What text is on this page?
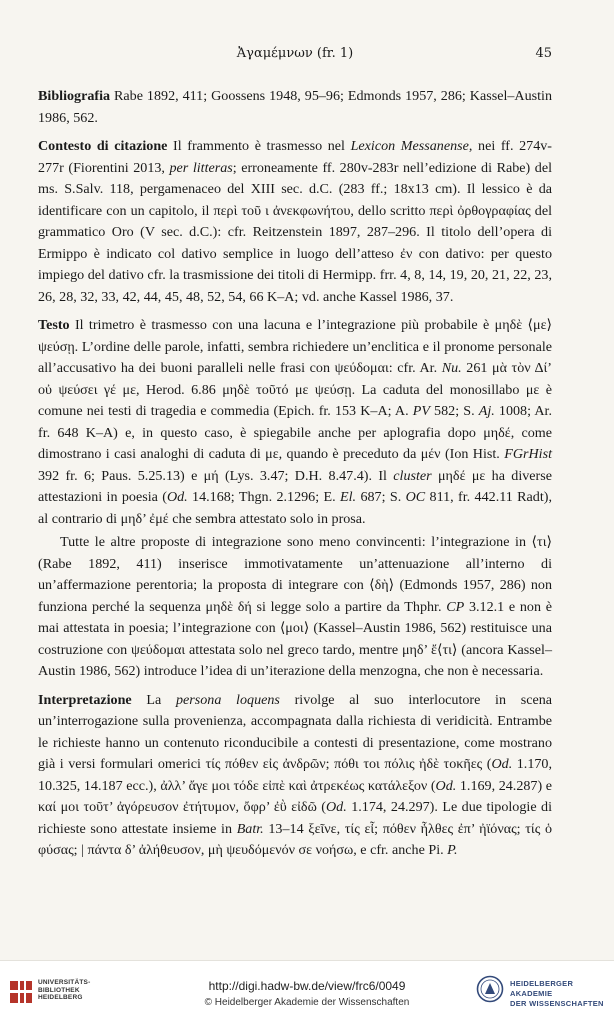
Ἀγαμέμνων (fr. 1)	45

Bibliografia Rabe 1892, 411; Goossens 1948, 95–96; Edmonds 1957, 286; Kassel–Austin 1986, 562.

Contesto di citazione Il frammento è trasmesso nel Lexicon Messanense, nei ff. 274v-277r (Fiorentini 2013, per litteras; erroneamente ff. 280v-283r nell’edizione di Rabe) del ms. S.Salv. 118, pergamenaceo del XIII sec. d.C. (283 ff.; 18x13 cm). Il lessico è da identificare con un capitolo, il περὶ τοῦ ι ἀνεκφωνήτου, dello scritto περὶ ὀρθογραφίας del grammatico Oro (V sec. d.C.): cfr. Reitzenstein 1897, 287–296. Il titolo dell’opera di Ermippo è indicato col dativo semplice in luogo dell’atteso ἐν con dativo: per questo impiego del dativo cfr. la trasmissione dei titoli di Hermipp. frr. 4, 8, 14, 19, 20, 21, 22, 23, 26, 28, 32, 33, 42, 44, 45, 48, 52, 54, 66 K–A; vd. anche Kassel 1986, 37.

Testo Il trimetro è trasmesso con una lacuna e l’integrazione più probabile è μηδὲ ⟨με⟩ ψεύσῃ. L’ordine delle parole, infatti, sembra richiedere un’enclitica e il pronome personale all’accusativo ha dei buoni paralleli nelle frasi con ψεύδομαι: cfr. Ar. Nu. 261 μὰ τὸν Δί’ οὐ ψεύσει γέ με, Herod. 6.86 μηδὲ τοῦτό με ψεύσῃ. La caduta del monosillabo με è comune nei testi di tragedia e commedia (Epich. fr. 153 K–A; A. PV 582; S. Aj. 1008; Ar. fr. 648 K–A) e, in questo caso, è spiegabile anche per aplografia dopo μηδέ, come dimostrano i casi analoghi di caduta di με, quando è preceduto da μέν (Ion Hist. FGrHist 392 fr. 6; Paus. 5.25.13) e μή (Lys. 3.47; D.H. 8.47.4). Il cluster μηδέ με ha diverse attestazioni in poesia (Od. 14.168; Thgn. 2.1296; E. El. 687; S. OC 811, fr. 442.11 Radt), al contrario di μηδ’ ἐμέ che sembra attestato solo in prosa.

Tutte le altre proposte di integrazione sono meno convincenti: l’integrazione in ⟨τι⟩ (Rabe 1892, 411) inserisce immotivatamente un’attenuazione all’interno di un’affermazione perentoria; la proposta di integrare con ⟨δὴ⟩ (Edmonds 1957, 286) non funziona perché la sequenza μηδὲ δή si legge solo a partire da Thphr. CP 3.12.1 e non è mai attestata in poesia; l’integrazione con ⟨μοι⟩ (Kassel–Austin 1986, 562) restituisce una costruzione con ψεύδομαι attestata solo nel greco tardo, mentre μηδ’ ἔ⟨τι⟩ (ancora Kassel–Austin 1986, 562) introduce l’idea di un’iterazione della menzogna, che non è necessaria.

Interpretazione La persona loquens rivolge al suo interlocutore in scena un’interrogazione sulla provenienza, accompagnata dalla richiesta di veridicità. Entrambe le richieste hanno un contenuto riconducibile a contesti di presentazione, come mostrano già i versi formulari omerici τίς πόθεν εἰς ἀνδρῶν; πόθι τοι πόλις ἠδὲ τοκῆες (Od. 1.170, 10.325, 14.187 ecc.), ἀλλ’ ἄγε μοι τόδε εἰπὲ καὶ ἀτρεκέως κατάλεξον (Od. 1.169, 24.287) e καί μοι τοῦτ’ ἀγόρευσον ἐτήτυμον, ὄφρ’ ἐῢ εἰδῶ (Od. 1.174, 24.297). Le due tipologie di richieste sono attestate insieme in Batr. 13–14 ξεῖνε, τίς εἶ; πόθεν ἦλθες ἐπ’ ἠϊόνας; τίς ὁ φύσας; | πάντα δ’ ἀλήθευσον, μὴ ψευδόμενόν σε νοήσω, e cfr. anche Pi. P.

UNIVERSITÄTS-
BIBLIOTHEK
HEIDELBERG
http://digi.hadw-bw.de/view/frc6/0049
© Heidelberger Akademie der Wissenschaften
HEIDELBERGER AKADEMIE
DER WISSENSCHAFTEN
